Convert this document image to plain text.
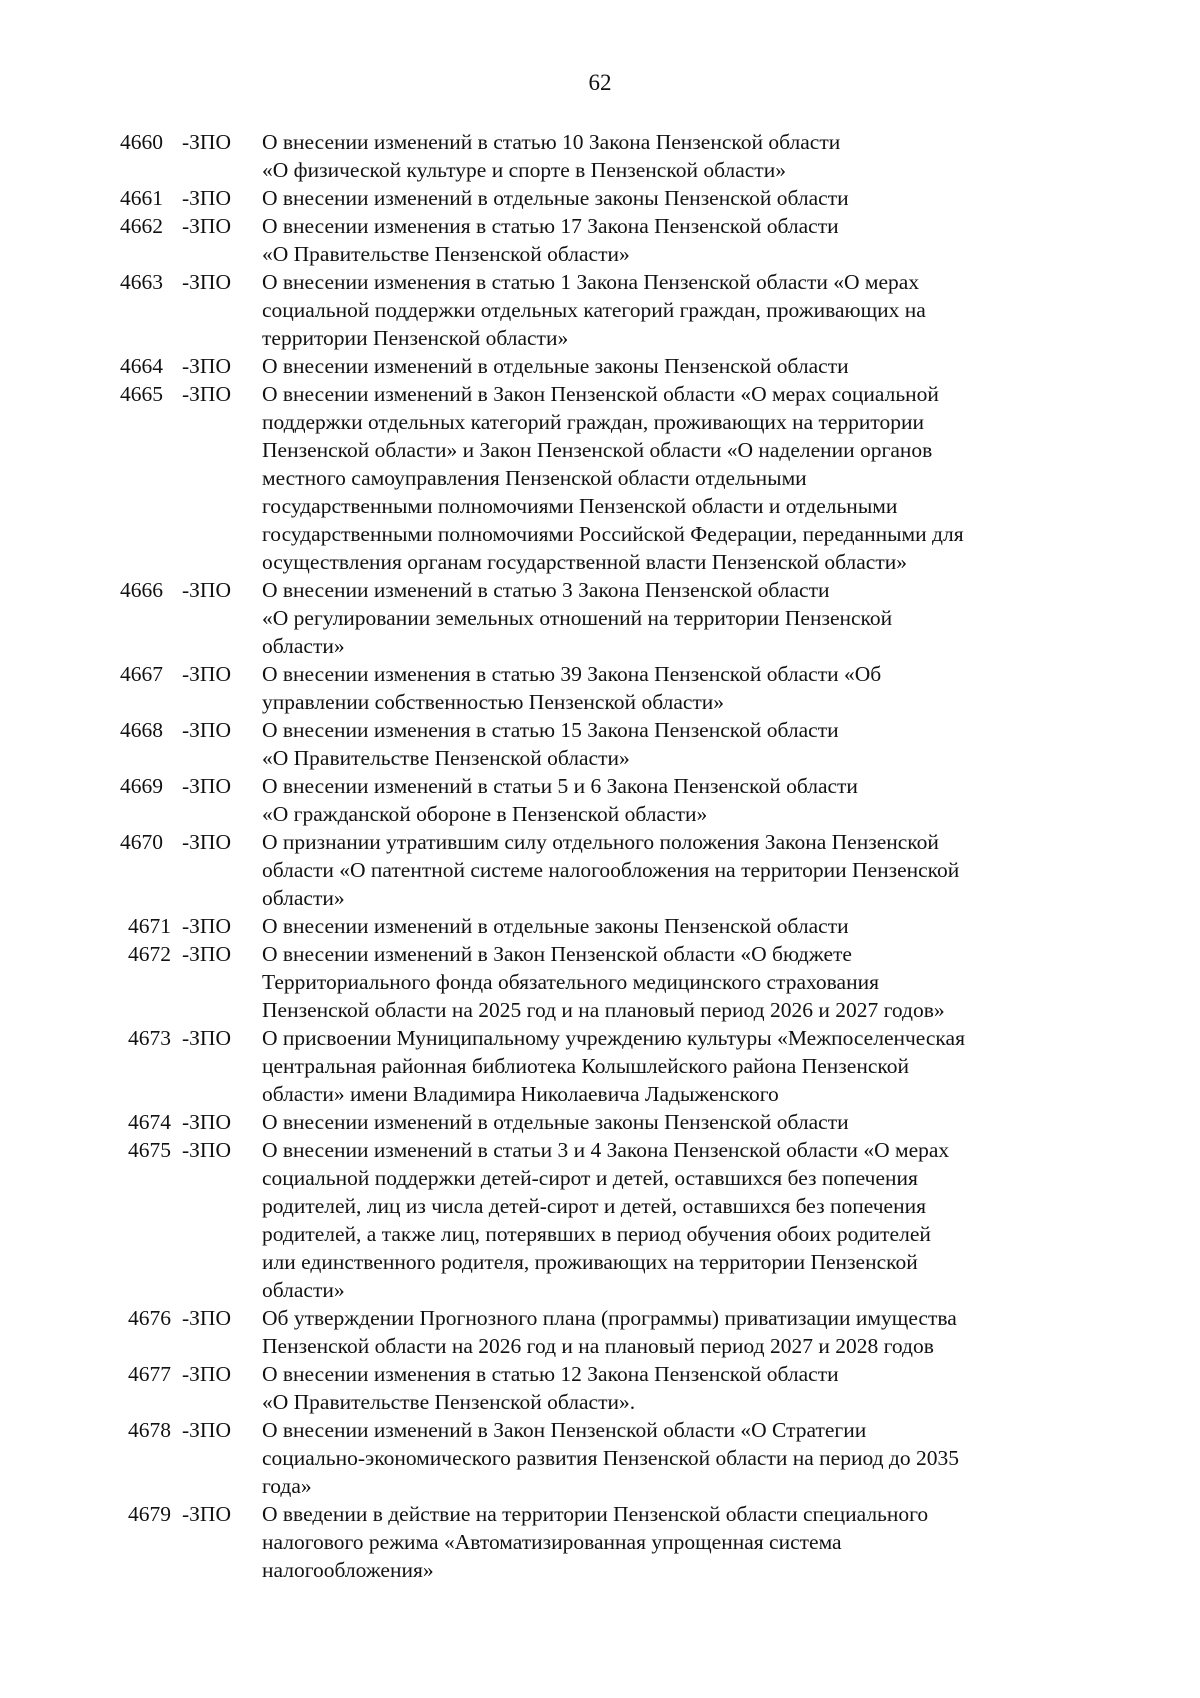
62
4660 -ЗПО	О внесении изменений в статью 10 Закона Пензенской области
«О физической культуре и спорте в Пензенской области»
4661 -ЗПО	О внесении изменений в отдельные законы Пензенской области
4662 -ЗПО	О внесении изменения в статью 17 Закона Пензенской области
«О Правительстве Пензенской области»
4663 -ЗПО	О внесении изменения в статью 1 Закона Пензенской области «О мерах
социальной поддержки отдельных категорий граждан, проживающих на
территории Пензенской области»
4664 -ЗПО	О внесении изменений в отдельные законы Пензенской области
4665 -ЗПО	О внесении изменений в Закон Пензенской области «О мерах социальной
поддержки отдельных категорий граждан, проживающих на территории
Пензенской области» и Закон Пензенской области «О наделении органов
местного самоуправления Пензенской области отдельными
государственными полномочиями Пензенской области и отдельными
государственными полномочиями Российской Федерации, переданными для
осуществления органам государственной власти Пензенской области»
4666 -ЗПО	О внесении изменений в статью 3 Закона Пензенской области
«О регулировании земельных отношений на территории Пензенской
области»
4667 -ЗПО	О внесении изменения в статью 39 Закона Пензенской области «Об
управлении собственностью Пензенской области»
4668 -ЗПО	О внесении изменения в статью 15 Закона Пензенской области
«О Правительстве Пензенской области»
4669 -ЗПО	О внесении изменений в статьи 5 и 6 Закона Пензенской области
«О гражданской обороне в Пензенской области»
4670 -ЗПО	О признании утратившим силу отдельного положения Закона Пензенской
области «О патентной системе налогообложения на территории Пензенской
области»
4671 -ЗПО	О внесении изменений в отдельные законы Пензенской области
4672 -ЗПО	О внесении изменений в Закон Пензенской области «О бюджете
Территориального фонда обязательного медицинского страхования
Пензенской области на 2025 год и на плановый период 2026 и 2027 годов»
4673 -ЗПО	О присвоении Муниципальному учреждению культуры «Межпоселенческая
центральная районная библиотека Колышлейского района Пензенской
области» имени Владимира Николаевича Ладыженского
4674 -ЗПО	О внесении изменений в отдельные законы Пензенской области
4675 -ЗПО	О внесении изменений в статьи 3 и 4 Закона Пензенской области «О мерах
социальной поддержки детей-сирот и детей, оставшихся без попечения
родителей, лиц из числа детей-сирот и детей, оставшихся без попечения
родителей, а также лиц, потерявших в период обучения обоих родителей
или единственного родителя, проживающих на территории Пензенской
области»
4676 -ЗПО	Об утверждении Прогнозного плана (программы) приватизации имущества
Пензенской области на 2026 год и на плановый период 2027 и 2028 годов
4677 -ЗПО	О внесении изменения в статью 12 Закона Пензенской области
«О Правительстве Пензенской области».
4678 -ЗПО	О внесении изменений в Закон Пензенской области «О Стратегии
социально-экономического развития Пензенской области на период до 2035
года»
4679 -ЗПО	О введении в действие на территории Пензенской области специального
налогового режима «Автоматизированная упрощенная система
налогообложения»
